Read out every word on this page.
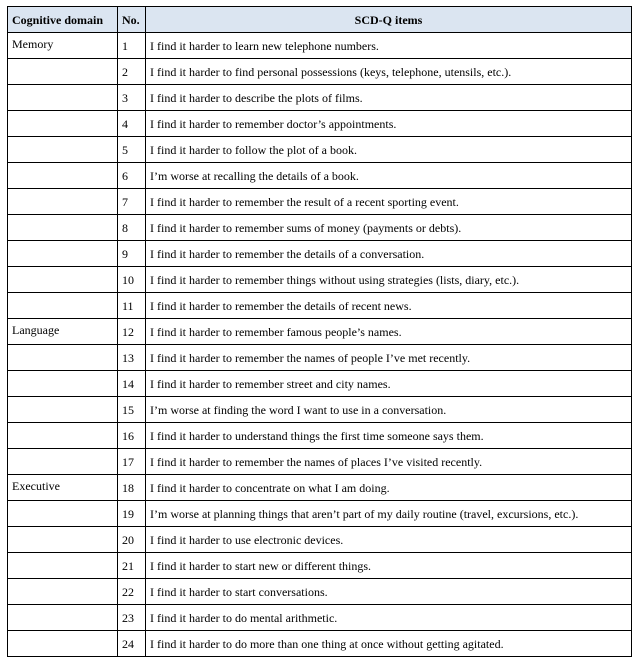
Cognitive domain	No.	SCD-Q items
Memory	1	I find it harder to learn new telephone numbers.
	2	I find it harder to find personal possessions (keys, telephone, utensils, etc.).
	3	I find it harder to describe the plots of films.
	4	I find it harder to remember doctor’s appointments.
	5	I find it harder to follow the plot of a book.
	6	I’m worse at recalling the details of a book.
	7	I find it harder to remember the result of a recent sporting event.
	8	I find it harder to remember sums of money (payments or debts).
	9	I find it harder to remember the details of a conversation.
	10	I find it harder to remember things without using strategies (lists, diary, etc.).
	11	I find it harder to remember the details of recent news.
Language	12	I find it harder to remember famous people’s names.
	13	I find it harder to remember the names of people I’ve met recently.
	14	I find it harder to remember street and city names.
	15	I’m worse at finding the word I want to use in a conversation.
	16	I find it harder to understand things the first time someone says them.
	17	I find it harder to remember the names of places I’ve visited recently.
Executive	18	I find it harder to concentrate on what I am doing.
	19	I’m worse at planning things that aren’t part of my daily routine (travel, excursions, etc.).
	20	I find it harder to use electronic devices.
	21	I find it harder to start new or different things.
	22	I find it harder to start conversations.
	23	I find it harder to do mental arithmetic.
	24	I find it harder to do more than one thing at once without getting agitated.
